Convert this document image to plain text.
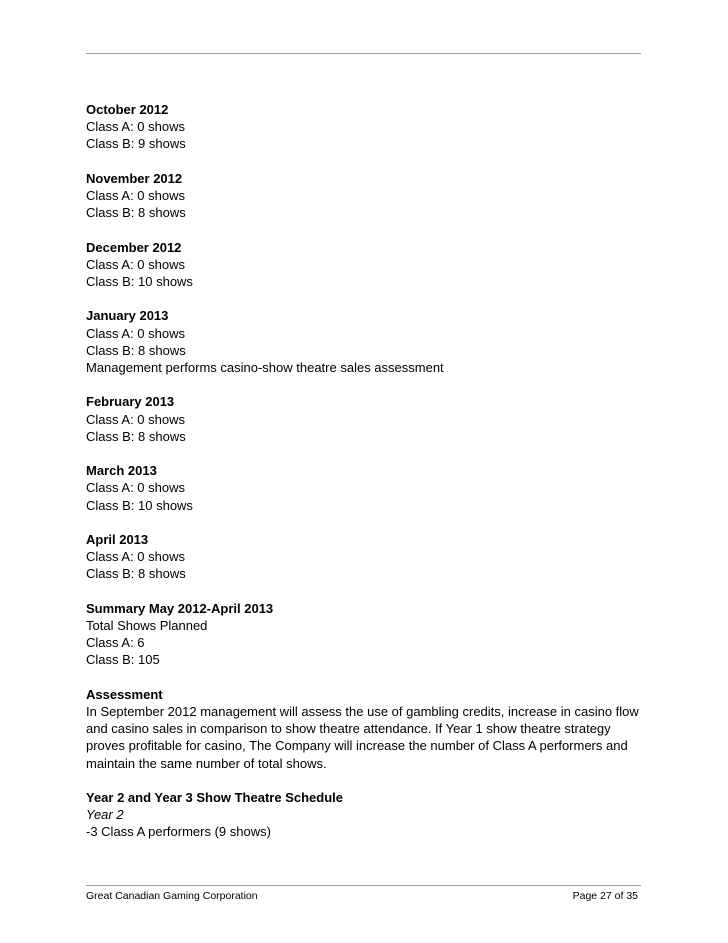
October 2012
Class A: 0 shows
Class B: 9 shows
November 2012
Class A: 0 shows
Class B: 8 shows
December 2012
Class A: 0 shows
Class B: 10 shows
January 2013
Class A: 0 shows
Class B: 8 shows
Management performs casino-show theatre sales assessment
February 2013
Class A: 0 shows
Class B: 8 shows
March 2013
Class A: 0 shows
Class B: 10 shows
April 2013
Class A: 0 shows
Class B: 8 shows
Summary May 2012-April 2013
Total Shows Planned
Class A: 6
Class B: 105
Assessment
In September 2012 management will assess the use of gambling credits, increase in casino flow and casino sales in comparison to show theatre attendance. If Year 1 show theatre strategy proves profitable for casino, The Company will increase the number of Class A performers and maintain the same number of total shows.
Year 2 and Year 3 Show Theatre Schedule
Year 2
-3 Class A performers (9 shows)
Great Canadian Gaming Corporation	Page 27 of 35
